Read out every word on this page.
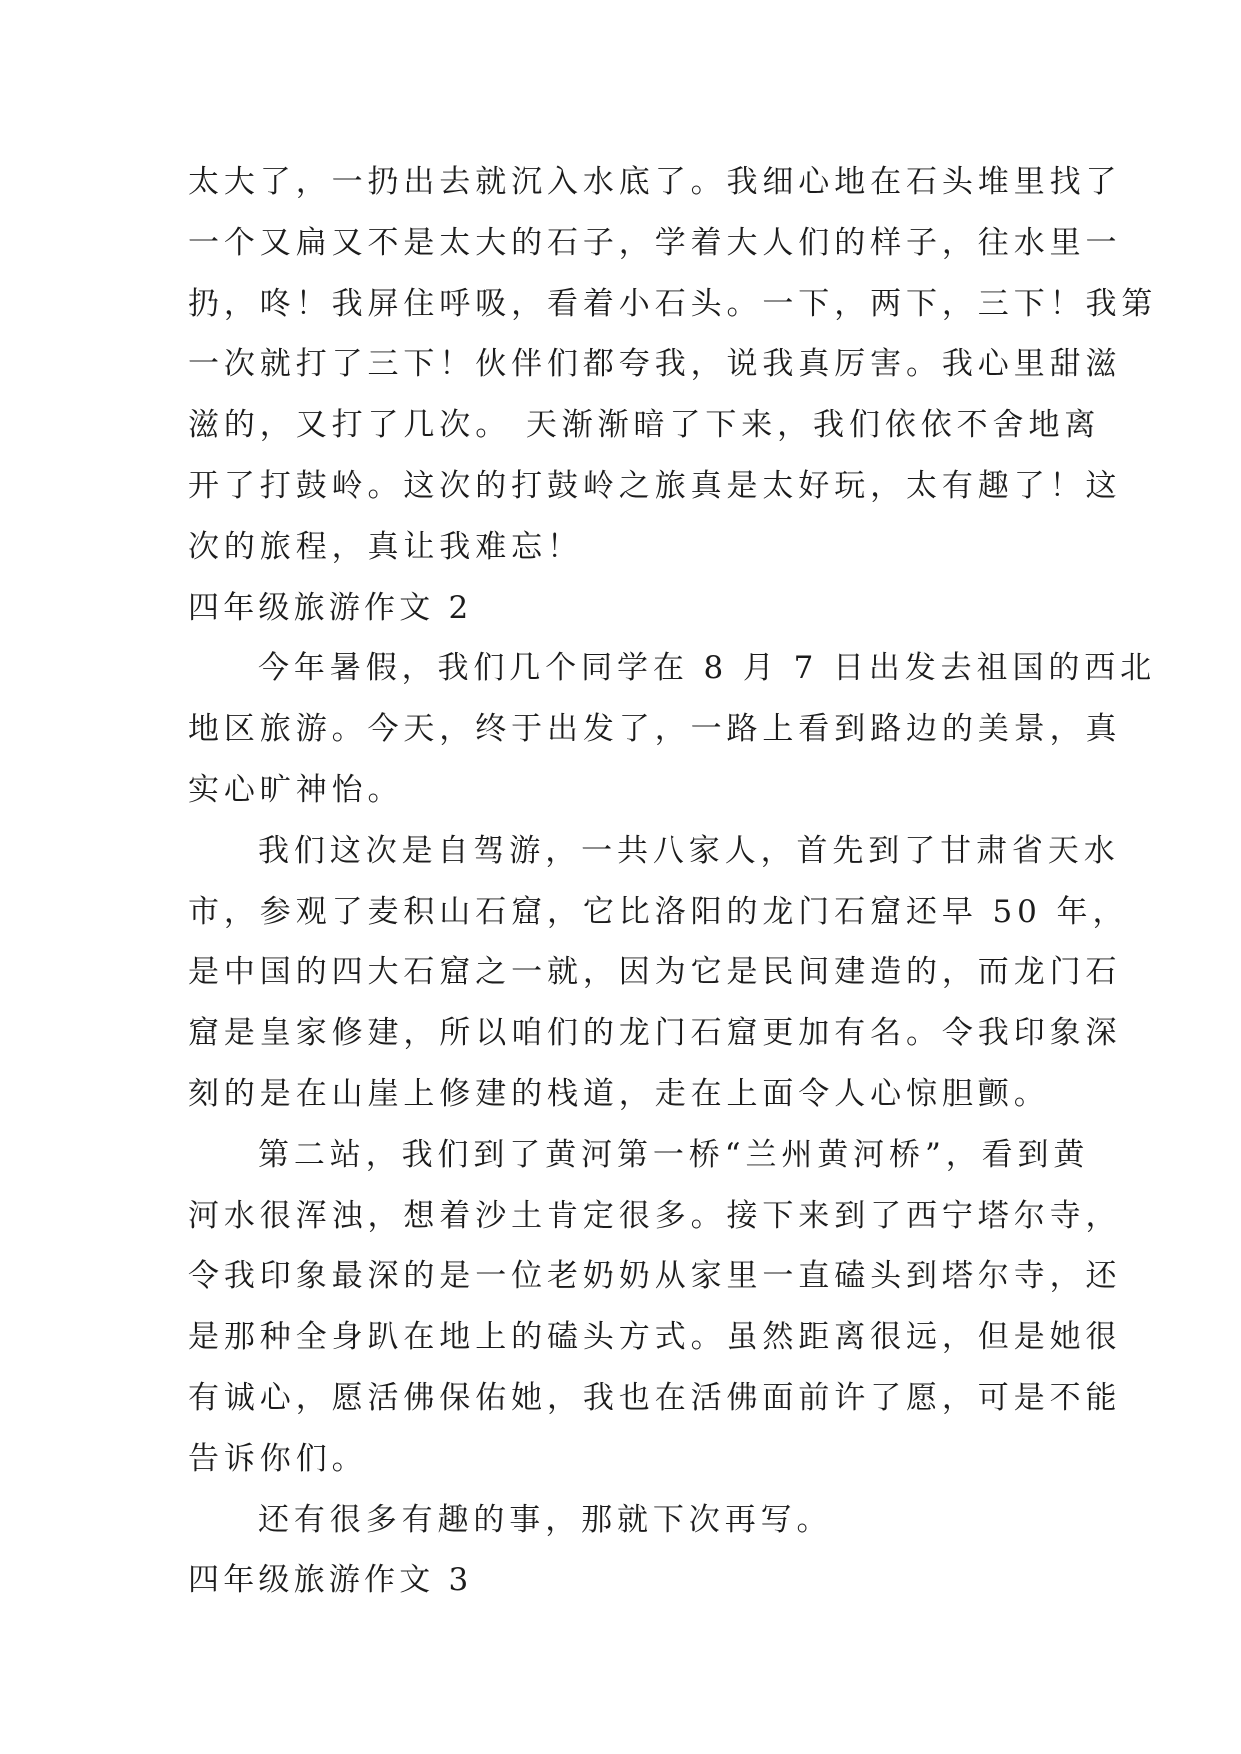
太大了，一扔出去就沉入水底了。我细心地在石头堆里找了
一个又扁又不是太大的石子，学着大人们的样子，往水里一
扔，咚！我屏住呼吸，看着小石头。一下，两下，三下！我第
一次就打了三下！伙伴们都夸我，说我真厉害。我心里甜滋
滋的，又打了几次。 天渐渐暗了下来，我们依依不舍地离
开了打鼓岭。这次的打鼓岭之旅真是太好玩，太有趣了！这
次的旅程，真让我难忘！
四年级旅游作文 2
今年暑假，我们几个同学在 8 月 7 日出发去祖国的西北
地区旅游。今天，终于出发了，一路上看到路边的美景，真
实心旷神怡。
我们这次是自驾游，一共八家人，首先到了甘肃省天水
市，参观了麦积山石窟，它比洛阳的龙门石窟还早 50 年，
是中国的四大石窟之一就，因为它是民间建造的，而龙门石
窟是皇家修建，所以咱们的龙门石窟更加有名。令我印象深
刻的是在山崖上修建的栈道，走在上面令人心惊胆颤。
第二站，我们到了黄河第一桥“兰州黄河桥”，看到黄
河水很浑浊，想着沙土肯定很多。接下来到了西宁塔尔寺，
令我印象最深的是一位老奶奶从家里一直磕头到塔尔寺，还
是那种全身趴在地上的磕头方式。虽然距离很远，但是她很
有诚心，愿活佛保佑她，我也在活佛面前许了愿，可是不能
告诉你们。
还有很多有趣的事，那就下次再写。
四年级旅游作文 3
